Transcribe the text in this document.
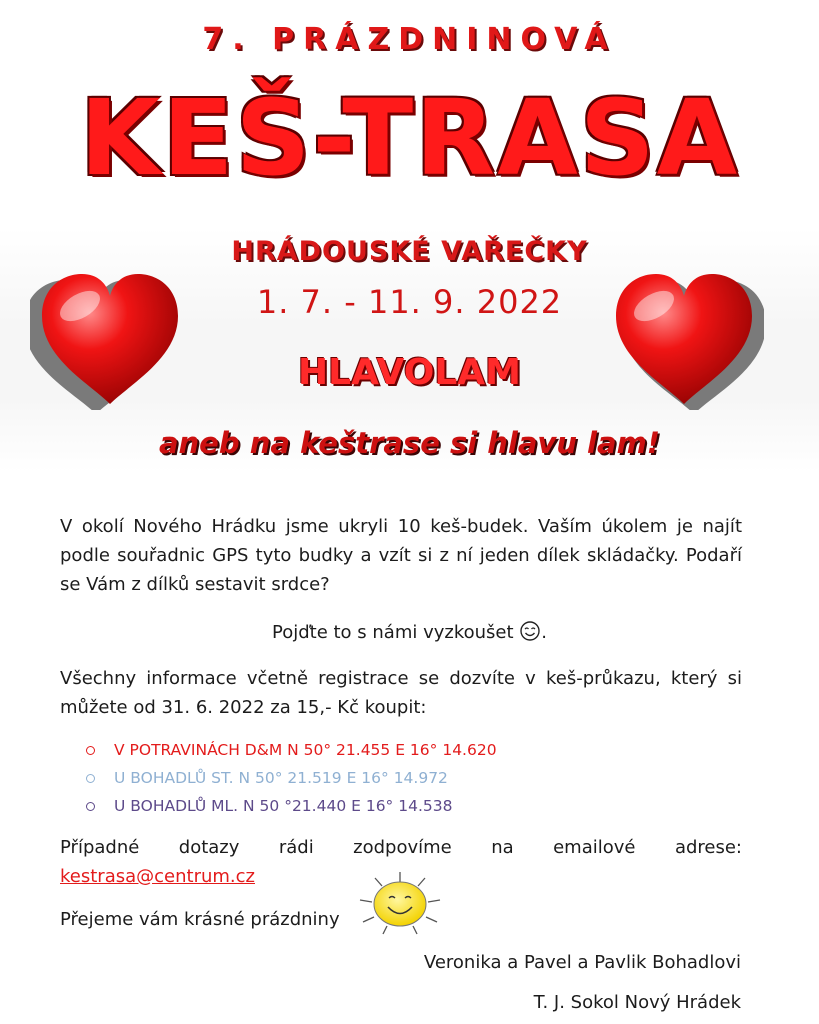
7. PRÁZDNINOVÁ
KEŠ-TRASA
HRÁDOUSKÉ VAŘEČKY
1. 7. - 11. 9. 2022
HLAVOLAM
aneb na keštrase si hlavu lam!
V okolí Nového Hrádku jsme ukryli 10 keš-budek. Vaším úkolem je najít podle souřadnic GPS tyto budky a vzít si z ní jeden dílek skládačky. Podaří se Vám z dílků sestavit srdce?
Pojďte to s námi vyzkoušet .
Všechny informace včetně registrace se dozvíte v keš-průkazu, který si můžete od 31. 6. 2022 za 15,- Kč koupit:
V POTRAVINÁCH D&M N 50° 21.455 E 16° 14.620
U BOHADLŮ ST. N 50° 21.519 E 16° 14.972
U BOHADLŮ ML. N 50 °21.440 E 16° 14.538
Případné dotazy rádi zodpovíme na emailové adrese:
kestrasa@centrum.cz
Přejeme vám krásné prázdniny
Veronika a Pavel a Pavlik Bohadlovi
T. J. Sokol Nový Hrádek
